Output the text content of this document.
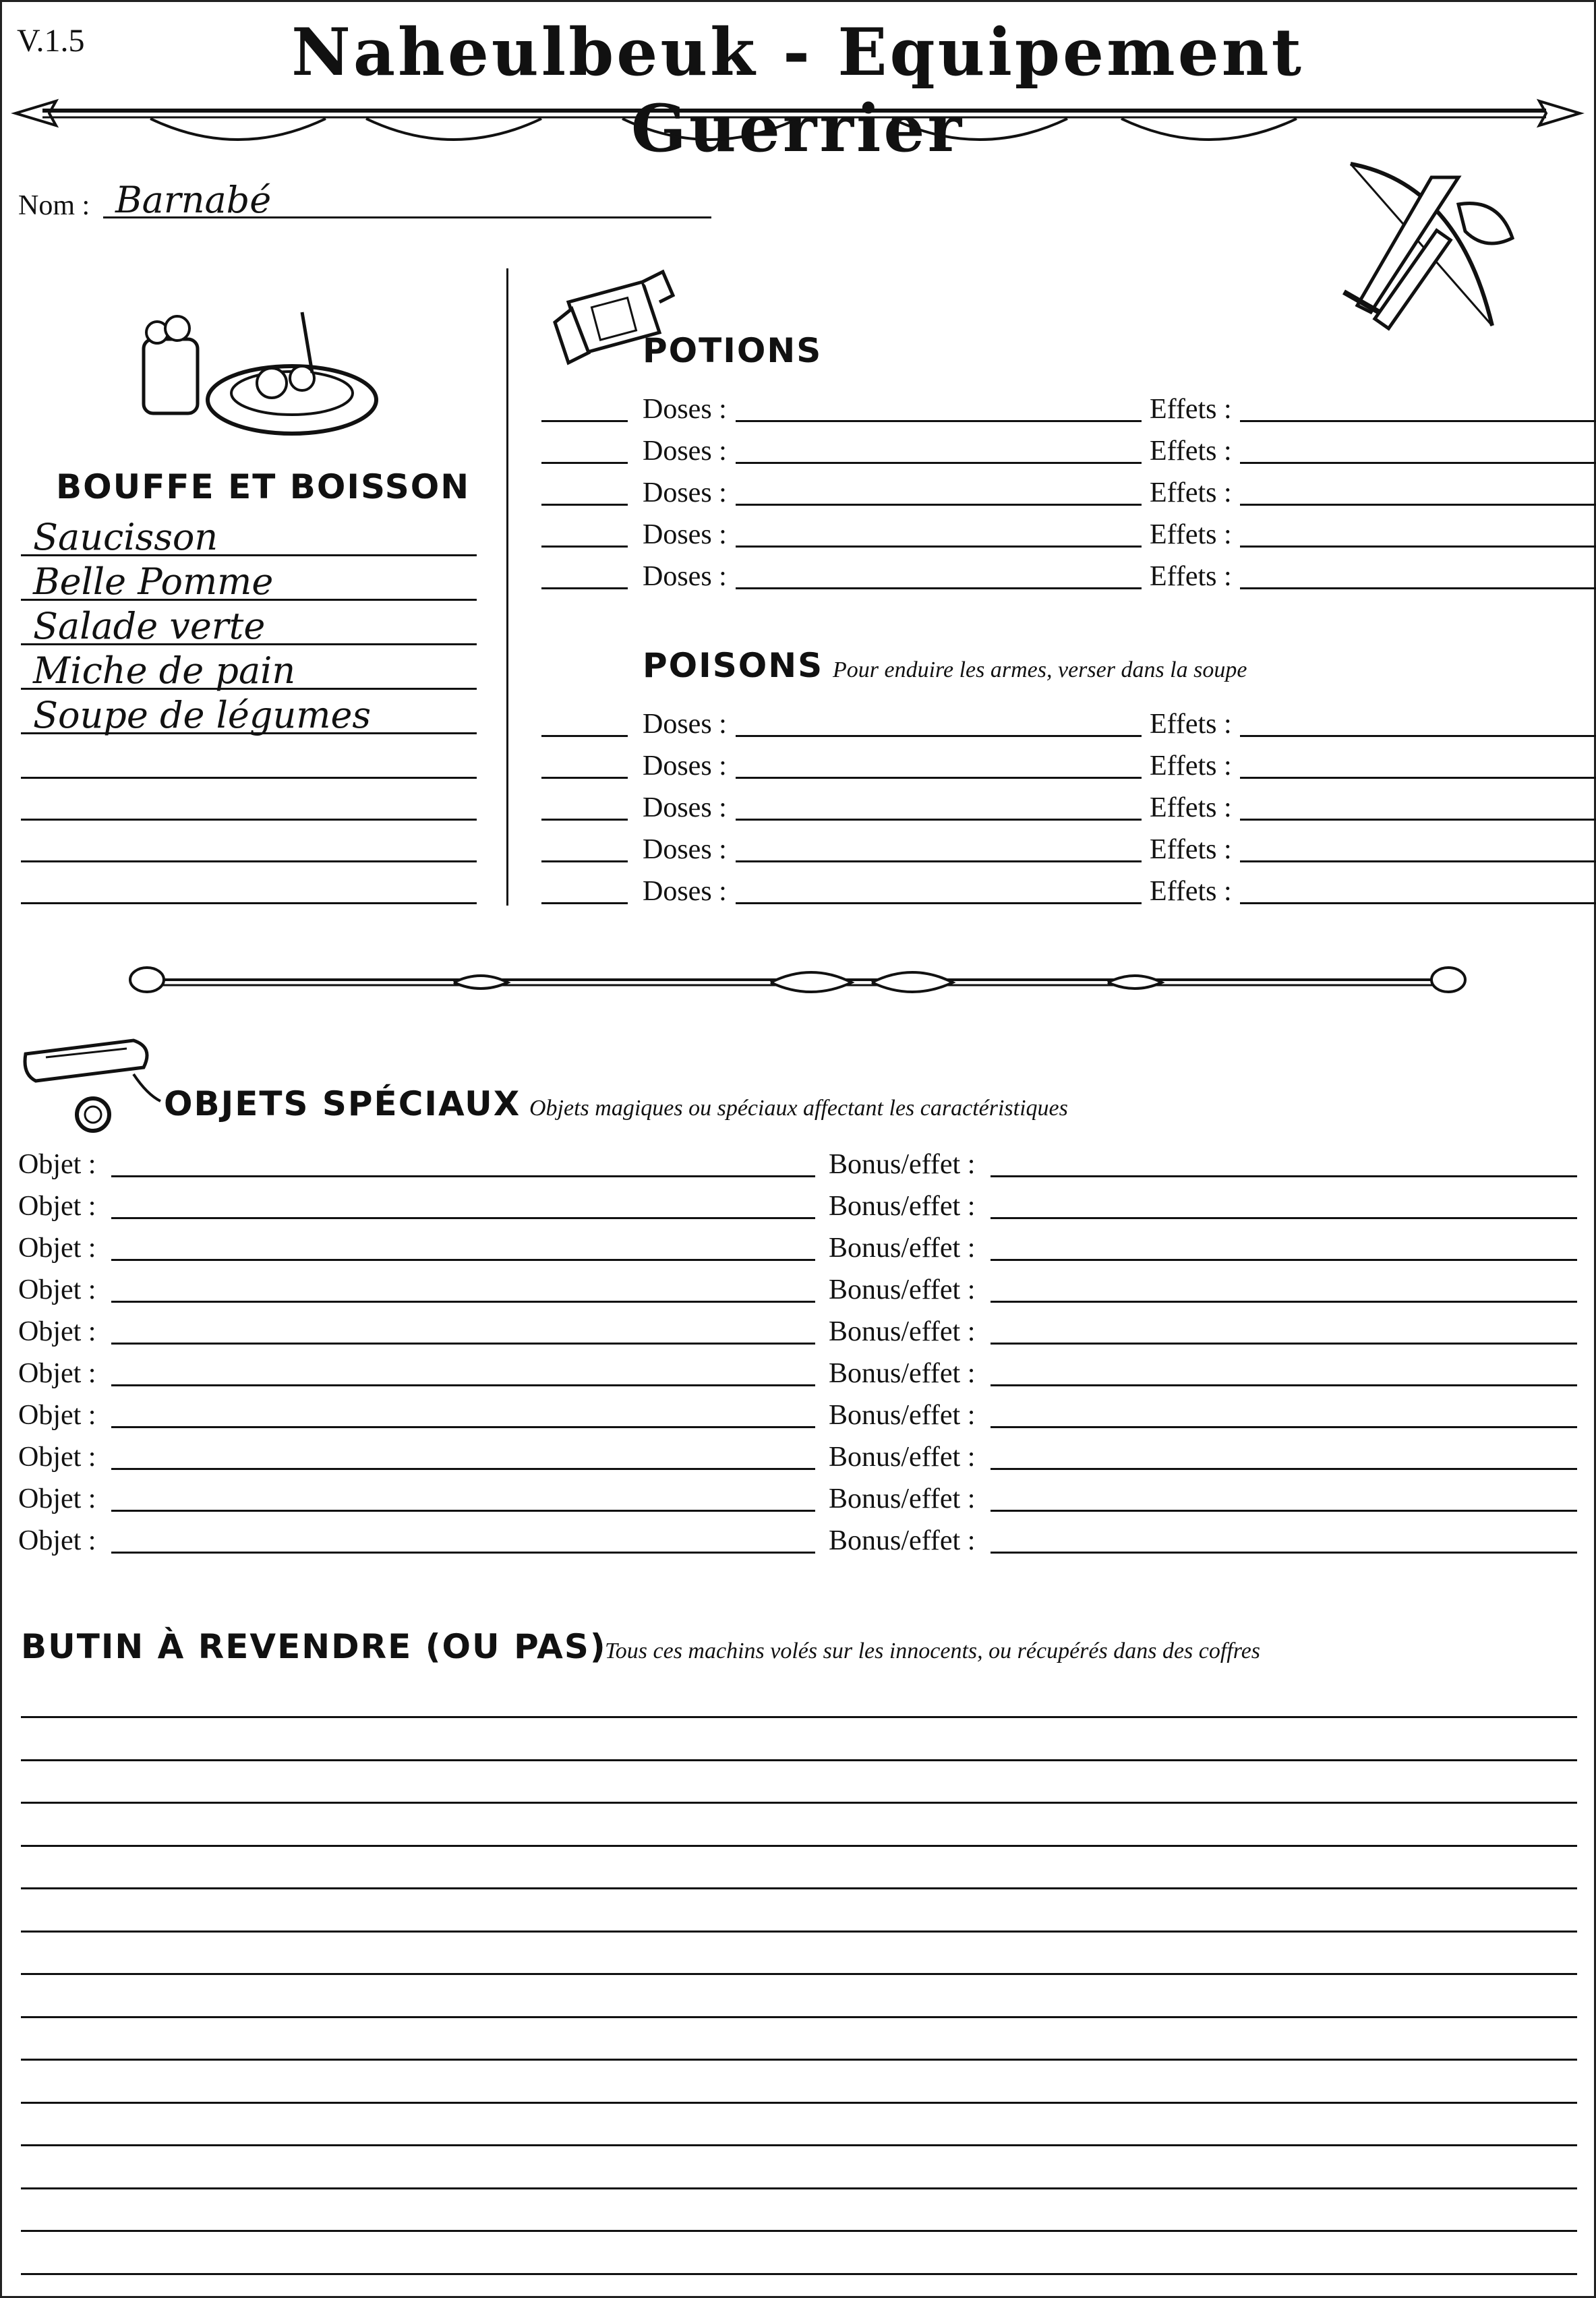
V.1.5	Naheulbeuk - Equipement Guerrier
Nom : Barnabé
BOUFFE ET BOISSON
Saucisson
Belle Pomme
Salade verte
Miche de pain
Soupe de légumes
POTIONS
Doses :	Effets :
Doses :	Effets :
Doses :	Effets :
Doses :	Effets :
Doses :	Effets :
POISONS Pour enduire les armes, verser dans la soupe
Doses :	Effets :
Doses :	Effets :
Doses :	Effets :
Doses :	Effets :
Doses :	Effets :
OBJETS SPÉCIAUX Objets magiques ou spéciaux affectant les caractéristiques
Objet :	Bonus/effet :
Objet :	Bonus/effet :
Objet :	Bonus/effet :
Objet :	Bonus/effet :
Objet :	Bonus/effet :
Objet :	Bonus/effet :
Objet :	Bonus/effet :
Objet :	Bonus/effet :
Objet :	Bonus/effet :
Objet :	Bonus/effet :
BUTIN À REVENDRE (OU PAS)
Tous ces machins volés sur les innocents, ou récupérés dans des coffres
